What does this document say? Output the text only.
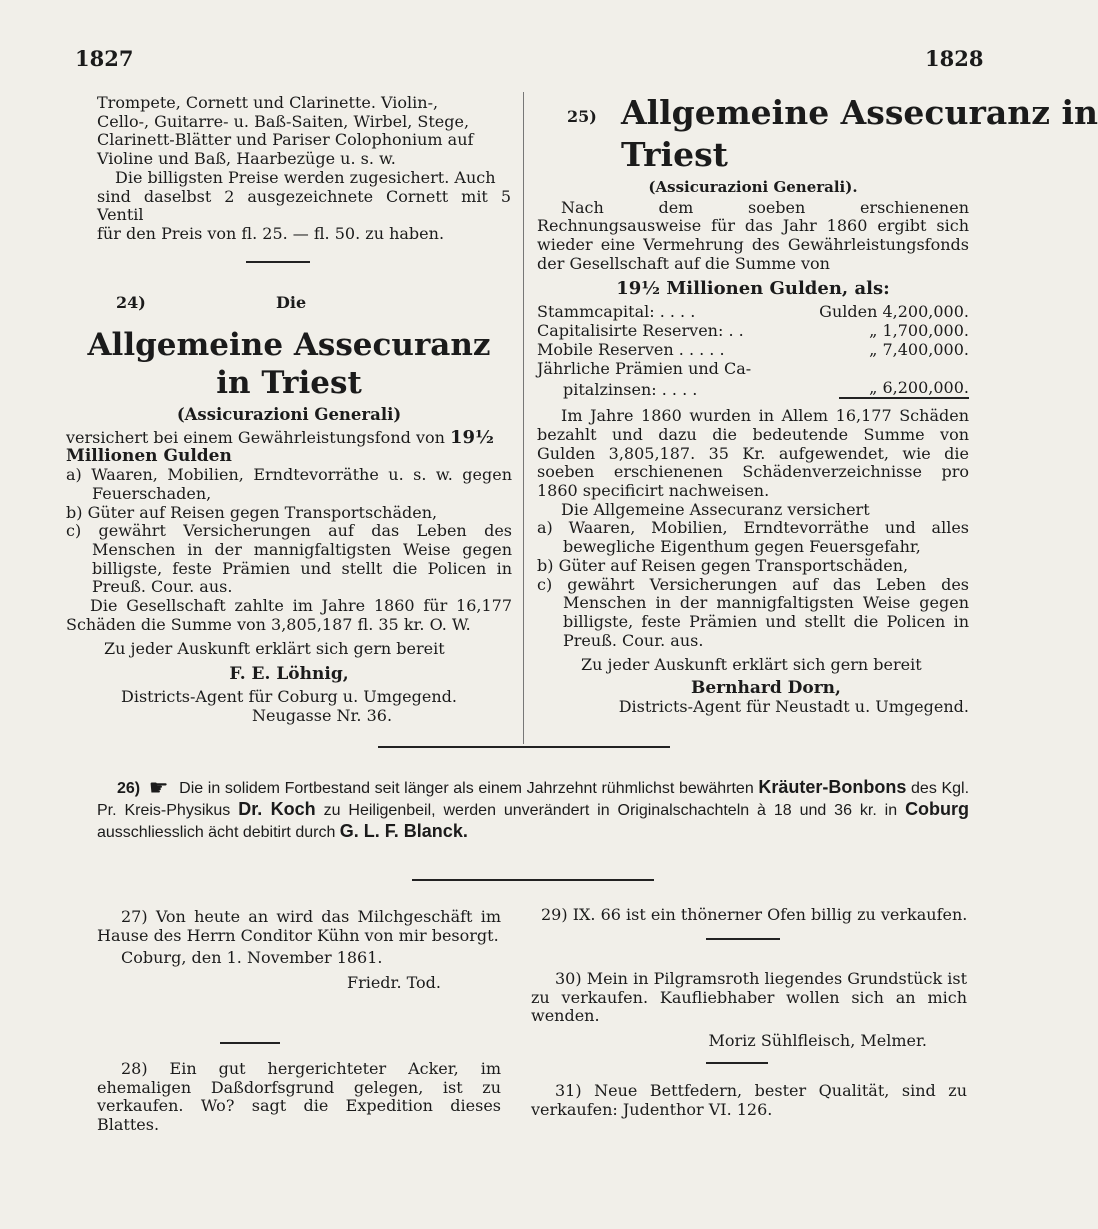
1827	1828

Trompete, Cornett und Clarinette. Violin-,

Cello-, Guitarre- u. Baß-Saiten, Wirbel, Stege,

Clarinett-Blätter und Pariser Colophonium auf

Violine und Baß, Haarbezüge u. s. w.

Die billigsten Preise werden zugesichert. Auch

sind daselbst 2 ausgezeichnete Cornett mit 5 Ventil

für den Preis von fl. 25. — fl. 50. zu haben.

24)	Die

Allgemeine Assecuranz in Triest

(Assicurazioni Generali)

versichert bei einem Gewährleistungsfond von 19½
Millionen Gulden

a) Waaren, Mobilien, Erndtevorräthe u. s. w. gegen Feuerschaden,

b) Güter auf Reisen gegen Transportschäden,

c) gewährt Versicherungen auf das Leben des Menschen in der mannigfaltigsten Weise gegen billigste, feste Prämien und stellt die Policen in Preuß. Cour. aus.

Die Gesellschaft zahlte im Jahre 1860 für 16,177 Schäden die Summe von 3,805,187 fl. 35 kr. O. W.

Zu jeder Auskunft erklärt sich gern bereit

F. E. Löhnig,

Districts-Agent für Coburg u. Umgegend.

Neugasse Nr. 36.

25) Allgemeine Assecuranz in

Triest

(Assicurazioni Generali).

Nach dem soeben erschienenen Rechnungsausweise für das Jahr 1860 ergibt sich wieder eine Vermehrung des Gewährleistungsfonds der Gesellschaft auf die Summe von

19½ Millionen Gulden, als:

Stammcapital: . . . .	Gulden 4,200,000.
Capitalisirte Reserven: . .	„ 1,700,000.
Mobile Reserven . . . . .	„ 7,400,000.
Jährliche Prämien und Ca-	
pitalzinsen: . . . .	„ 6,200,000.

Im Jahre 1860 wurden in Allem 16,177 Schäden bezahlt und dazu die bedeutende Summe von Gulden 3,805,187. 35 Kr. aufgewendet, wie die soeben erschienenen Schädenverzeichnisse pro 1860 specificirt nachweisen.

Die Allgemeine Assecuranz versichert

a) Waaren, Mobilien, Erndtevorräthe und alles bewegliche Eigenthum gegen Feuersgefahr,

b) Güter auf Reisen gegen Transportschäden,

c) gewährt Versicherungen auf das Leben des Menschen in der mannigfaltigsten Weise gegen billigste, feste Prämien und stellt die Policen in Preuß. Cour. aus.

Zu jeder Auskunft erklärt sich gern bereit

Bernhard Dorn,

Districts-Agent für Neustadt u. Umgegend.

26) ☛ Die in solidem Fortbestand seit länger als einem Jahrzehnt rühmlichst bewährten Kräuter-Bonbons des Kgl. Pr. Kreis-Physikus Dr. Koch zu Heiligenbeil, werden unverändert in Originalschachteln à 18 und 36 kr. in Coburg ausschliesslich ächt debitirt durch G. L. F. Blanck.

27) Von heute an wird das Milchgeschäft im Hause des Herrn Conditor Kühn von mir besorgt.

Coburg, den 1. November 1861.

Friedr. Tod.

28) Ein gut hergerichteter Acker, im ehemaligen Daßdorfsgrund gelegen, ist zu verkaufen. Wo? sagt die Expedition dieses Blattes.

29) IX. 66 ist ein thönerner Ofen billig zu verkaufen.

30) Mein in Pilgramsroth liegendes Grundstück ist zu verkaufen. Kaufliebhaber wollen sich an mich wenden.

Moriz Sühlfleisch, Melmer.

31) Neue Bettfedern, bester Qualität, sind zu verkaufen: Judenthor VI. 126.
